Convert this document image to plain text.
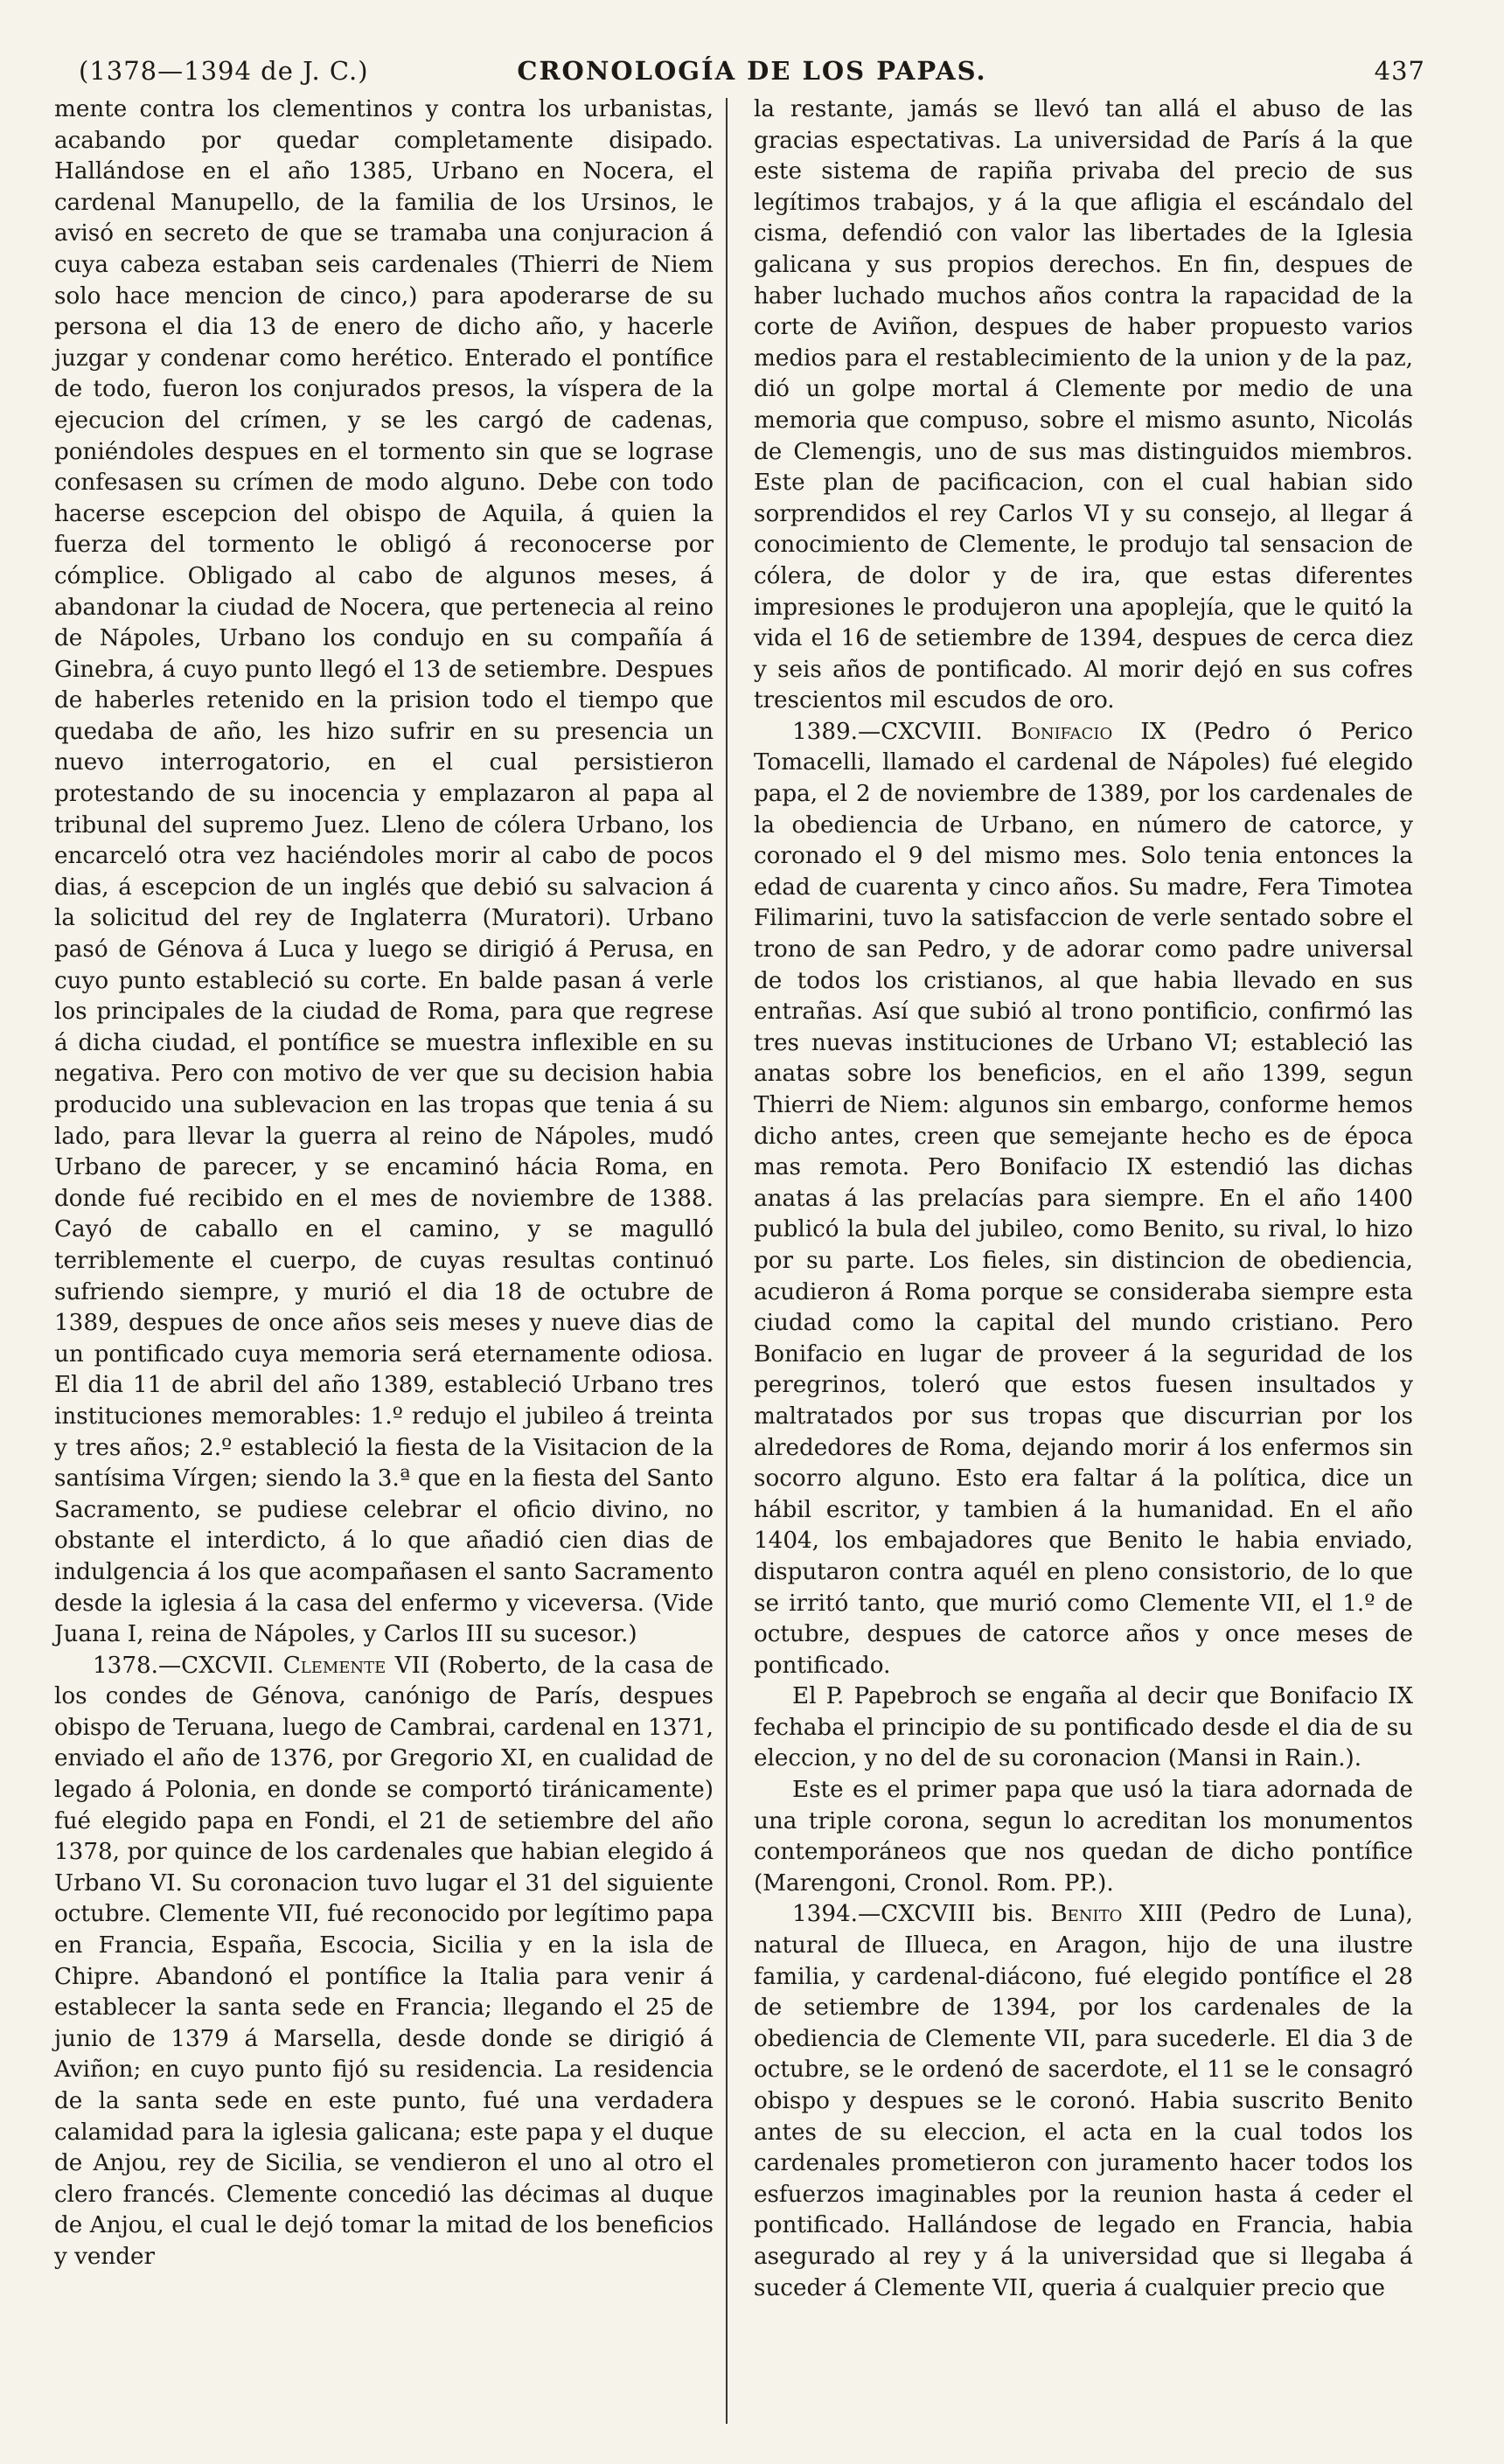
(1378—1394 de J. C.)	CRONOLOGÍA DE LOS PAPAS.	437

mente contra los clementinos y contra los urbanistas, acabando por quedar completamente disipado. Hallándose en el año 1385, Urbano en Nocera, el cardenal Manupello, de la familia de los Ursinos, le avisó en secreto de que se tramaba una conjuracion á cuya cabeza estaban seis cardenales (Thierri de Niem solo hace mencion de cinco,) para apoderarse de su persona el dia 13 de enero de dicho año, y hacerle juzgar y condenar como herético. Enterado el pontífice de todo, fueron los conjurados presos, la víspera de la ejecucion del crímen, y se les cargó de cadenas, poniéndoles despues en el tormento sin que se lograse confesasen su crímen de modo alguno. Debe con todo hacerse escepcion del obispo de Aquila, á quien la fuerza del tormento le obligó á reconocerse por cómplice. Obligado al cabo de algunos meses, á abandonar la ciudad de Nocera, que pertenecia al reino de Nápoles, Urbano los condujo en su compañía á Ginebra, á cuyo punto llegó el 13 de setiembre. Despues de haberles retenido en la prision todo el tiempo que quedaba de año, les hizo sufrir en su presencia un nuevo interrogatorio, en el cual persistieron protestando de su inocencia y emplazaron al papa al tribunal del supremo Juez. Lleno de cólera Urbano, los encarceló otra vez haciéndoles morir al cabo de pocos dias, á escepcion de un inglés que debió su salvacion á la solicitud del rey de Inglaterra (Muratori). Urbano pasó de Génova á Luca y luego se dirigió á Perusa, en cuyo punto estableció su corte. En balde pasan á verle los principales de la ciudad de Roma, para que regrese á dicha ciudad, el pontífice se muestra inflexible en su negativa. Pero con motivo de ver que su decision habia producido una sublevacion en las tropas que tenia á su lado, para llevar la guerra al reino de Nápoles, mudó Urbano de parecer, y se encaminó hácia Roma, en donde fué recibido en el mes de noviembre de 1388. Cayó de caballo en el camino, y se magulló terriblemente el cuerpo, de cuyas resultas continuó sufriendo siempre, y murió el dia 18 de octubre de 1389, despues de once años seis meses y nueve dias de un pontificado cuya memoria será eternamente odiosa. El dia 11 de abril del año 1389, estableció Urbano tres instituciones memorables: 1.º redujo el jubileo á treinta y tres años; 2.º estableció la fiesta de la Visitacion de la santísima Vírgen; siendo la 3.ª que en la fiesta del Santo Sacramento, se pudiese celebrar el oficio divino, no obstante el interdicto, á lo que añadió cien dias de indulgencia á los que acompañasen el santo Sacramento desde la iglesia á la casa del enfermo y viceversa. (Vide Juana I, reina de Nápoles, y Carlos III su sucesor.)

1378.—CXCVII. Clemente VII (Roberto, de la casa de los condes de Génova, canónigo de París, despues obispo de Teruana, luego de Cambrai, cardenal en 1371, enviado el año de 1376, por Gregorio XI, en cualidad de legado á Polonia, en donde se comportó tiránicamente) fué elegido papa en Fondi, el 21 de setiembre del año 1378, por quince de los cardenales que habian elegido á Urbano VI. Su coronacion tuvo lugar el 31 del siguiente octubre. Clemente VII, fué reconocido por legítimo papa en Francia, España, Escocia, Sicilia y en la isla de Chipre. Abandonó el pontífice la Italia para venir á establecer la santa sede en Francia; llegando el 25 de junio de 1379 á Marsella, desde donde se dirigió á Aviñon; en cuyo punto fijó su residencia. La residencia de la santa sede en este punto, fué una verdadera calamidad para la iglesia galicana; este papa y el duque de Anjou, rey de Sicilia, se vendieron el uno al otro el clero francés. Clemente concedió las décimas al duque de Anjou, el cual le dejó tomar la mitad de los beneficios y vender

la restante, jamás se llevó tan allá el abuso de las gracias espectativas. La universidad de París á la que este sistema de rapiña privaba del precio de sus legítimos trabajos, y á la que afligia el escándalo del cisma, defendió con valor las libertades de la Iglesia galicana y sus propios derechos. En fin, despues de haber luchado muchos años contra la rapacidad de la corte de Aviñon, despues de haber propuesto varios medios para el restablecimiento de la union y de la paz, dió un golpe mortal á Clemente por medio de una memoria que compuso, sobre el mismo asunto, Nicolás de Clemengis, uno de sus mas distinguidos miembros. Este plan de pacificacion, con el cual habian sido sorprendidos el rey Carlos VI y su consejo, al llegar á conocimiento de Clemente, le produjo tal sensacion de cólera, de dolor y de ira, que estas diferentes impresiones le produjeron una apoplejía, que le quitó la vida el 16 de setiembre de 1394, despues de cerca diez y seis años de pontificado. Al morir dejó en sus cofres trescientos mil escudos de oro.

1389.—CXCVIII. Bonifacio IX (Pedro ó Perico Tomacelli, llamado el cardenal de Nápoles) fué elegido papa, el 2 de noviembre de 1389, por los cardenales de la obediencia de Urbano, en número de catorce, y coronado el 9 del mismo mes. Solo tenia entonces la edad de cuarenta y cinco años. Su madre, Fera Timotea Filimarini, tuvo la satisfaccion de verle sentado sobre el trono de san Pedro, y de adorar como padre universal de todos los cristianos, al que habia llevado en sus entrañas. Así que subió al trono pontificio, confirmó las tres nuevas instituciones de Urbano VI; estableció las anatas sobre los beneficios, en el año 1399, segun Thierri de Niem: algunos sin embargo, conforme hemos dicho antes, creen que semejante hecho es de época mas remota. Pero Bonifacio IX estendió las dichas anatas á las prelacías para siempre. En el año 1400 publicó la bula del jubileo, como Benito, su rival, lo hizo por su parte. Los fieles, sin distincion de obediencia, acudieron á Roma porque se consideraba siempre esta ciudad como la capital del mundo cristiano. Pero Bonifacio en lugar de proveer á la seguridad de los peregrinos, toleró que estos fuesen insultados y maltratados por sus tropas que discurrian por los alrededores de Roma, dejando morir á los enfermos sin socorro alguno. Esto era faltar á la política, dice un hábil escritor, y tambien á la humanidad. En el año 1404, los embajadores que Benito le habia enviado, disputaron contra aquél en pleno consistorio, de lo que se irritó tanto, que murió como Clemente VII, el 1.º de octubre, despues de catorce años y once meses de pontificado.

El P. Papebroch se engaña al decir que Bonifacio IX fechaba el principio de su pontificado desde el dia de su eleccion, y no del de su coronacion (Mansi in Rain.).

Este es el primer papa que usó la tiara adornada de una triple corona, segun lo acreditan los monumentos contemporáneos que nos quedan de dicho pontífice (Marengoni, Cronol. Rom. PP.).

1394.—CXCVIII bis. Benito XIII (Pedro de Luna), natural de Illueca, en Aragon, hijo de una ilustre familia, y cardenal-diácono, fué elegido pontífice el 28 de setiembre de 1394, por los cardenales de la obediencia de Clemente VII, para sucederle. El dia 3 de octubre, se le ordenó de sacerdote, el 11 se le consagró obispo y despues se le coronó. Habia suscrito Benito antes de su eleccion, el acta en la cual todos los cardenales prometieron con juramento hacer todos los esfuerzos imaginables por la reunion hasta á ceder el pontificado. Hallándose de legado en Francia, habia asegurado al rey y á la universidad que si llegaba á suceder á Clemente VII, queria á cualquier precio que
